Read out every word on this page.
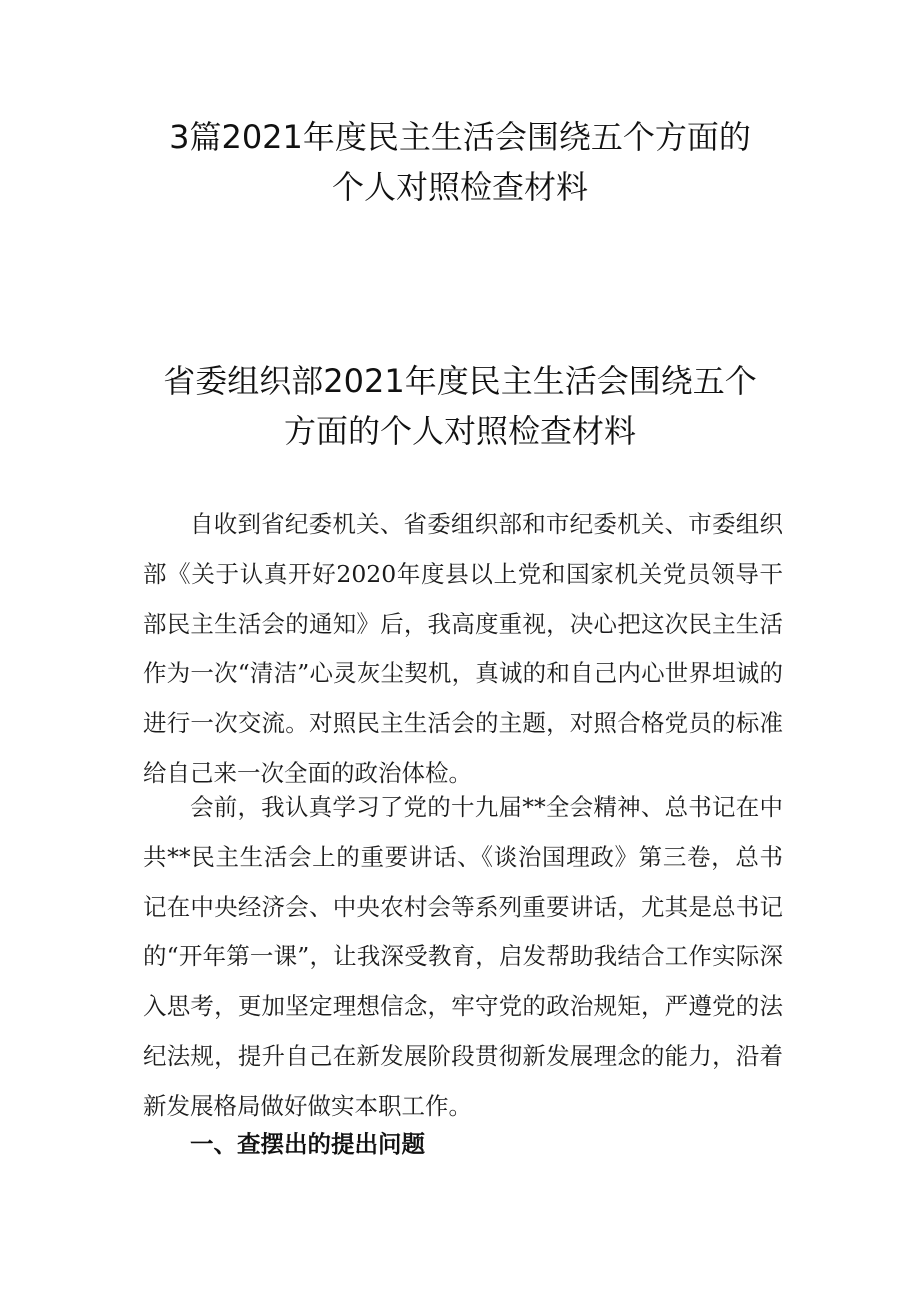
3篇2021年度民主生活会围绕五个方面的
个人对照检查材料
省委组织部2021年度民主生活会围绕五个
方面的个人对照检查材料

自收到省纪委机关、省委组织部和市纪委机关、市委组织部《关于认真开好2020年度县以上党和国家机关党员领导干部民主生活会的通知》后，我高度重视，决心把这次民主生活作为一次“清洁”心灵灰尘契机，真诚的和自己内心世界坦诚的进行一次交流。对照民主生活会的主题，对照合格党员的标准给自己来一次全面的政治体检。

会前，我认真学习了党的十九届**全会精神、总书记在中共**民主生活会上的重要讲话、《谈治国理政》第三卷，总书记在中央经济会、中央农村会等系列重要讲话，尤其是总书记的“开年第一课”，让我深受教育，启发帮助我结合工作实际深入思考，更加坚定理想信念，牢守党的政治规矩，严遵党的法纪法规，提升自己在新发展阶段贯彻新发展理念的能力，沿着新发展格局做好做实本职工作。

一、查摆出的提出问题
